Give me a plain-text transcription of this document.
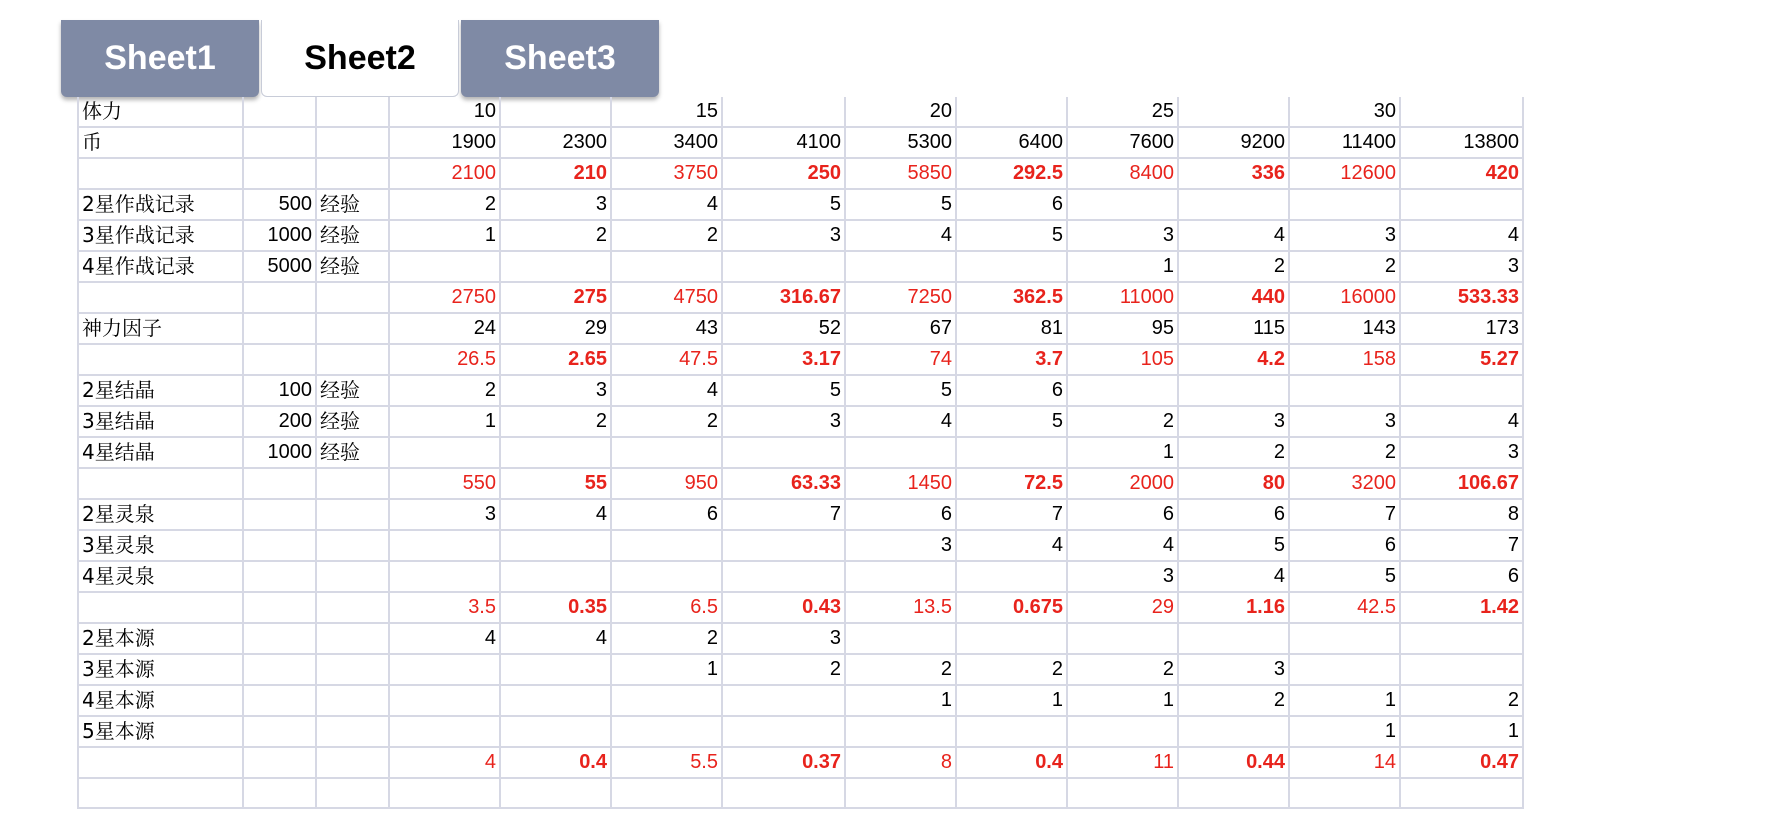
Sheet1	Sheet2	Sheet3
体力			10		15		20		25		30	
币			1900	2300	3400	4100	5300	6400	7600	9200	11400	13800
			2100	210	3750	250	5850	292.5	8400	336	12600	420
2星作战记录	500	经验	2	3	4	5	5	6				
3星作战记录	1000	经验	1	2	2	3	4	5	3	4	3	4
4星作战记录	5000	经验							1	2	2	3
			2750	275	4750	316.67	7250	362.5	11000	440	16000	533.33
神力因子			24	29	43	52	67	81	95	115	143	173
			26.5	2.65	47.5	3.17	74	3.7	105	4.2	158	5.27
2星结晶	100	经验	2	3	4	5	5	6				
3星结晶	200	经验	1	2	2	3	4	5	2	3	3	4
4星结晶	1000	经验							1	2	2	3
			550	55	950	63.33	1450	72.5	2000	80	3200	106.67
2星灵泉			3	4	6	7	6	7	6	6	7	8
3星灵泉							3	4	4	5	6	7
4星灵泉									3	4	5	6
			3.5	0.35	6.5	0.43	13.5	0.675	29	1.16	42.5	1.42
2星本源			4	4	2	3						
3星本源					1	2	2	2	2	3		
4星本源							1	1	1	2	1	2
5星本源											1	1
			4	0.4	5.5	0.37	8	0.4	11	0.44	14	0.47
